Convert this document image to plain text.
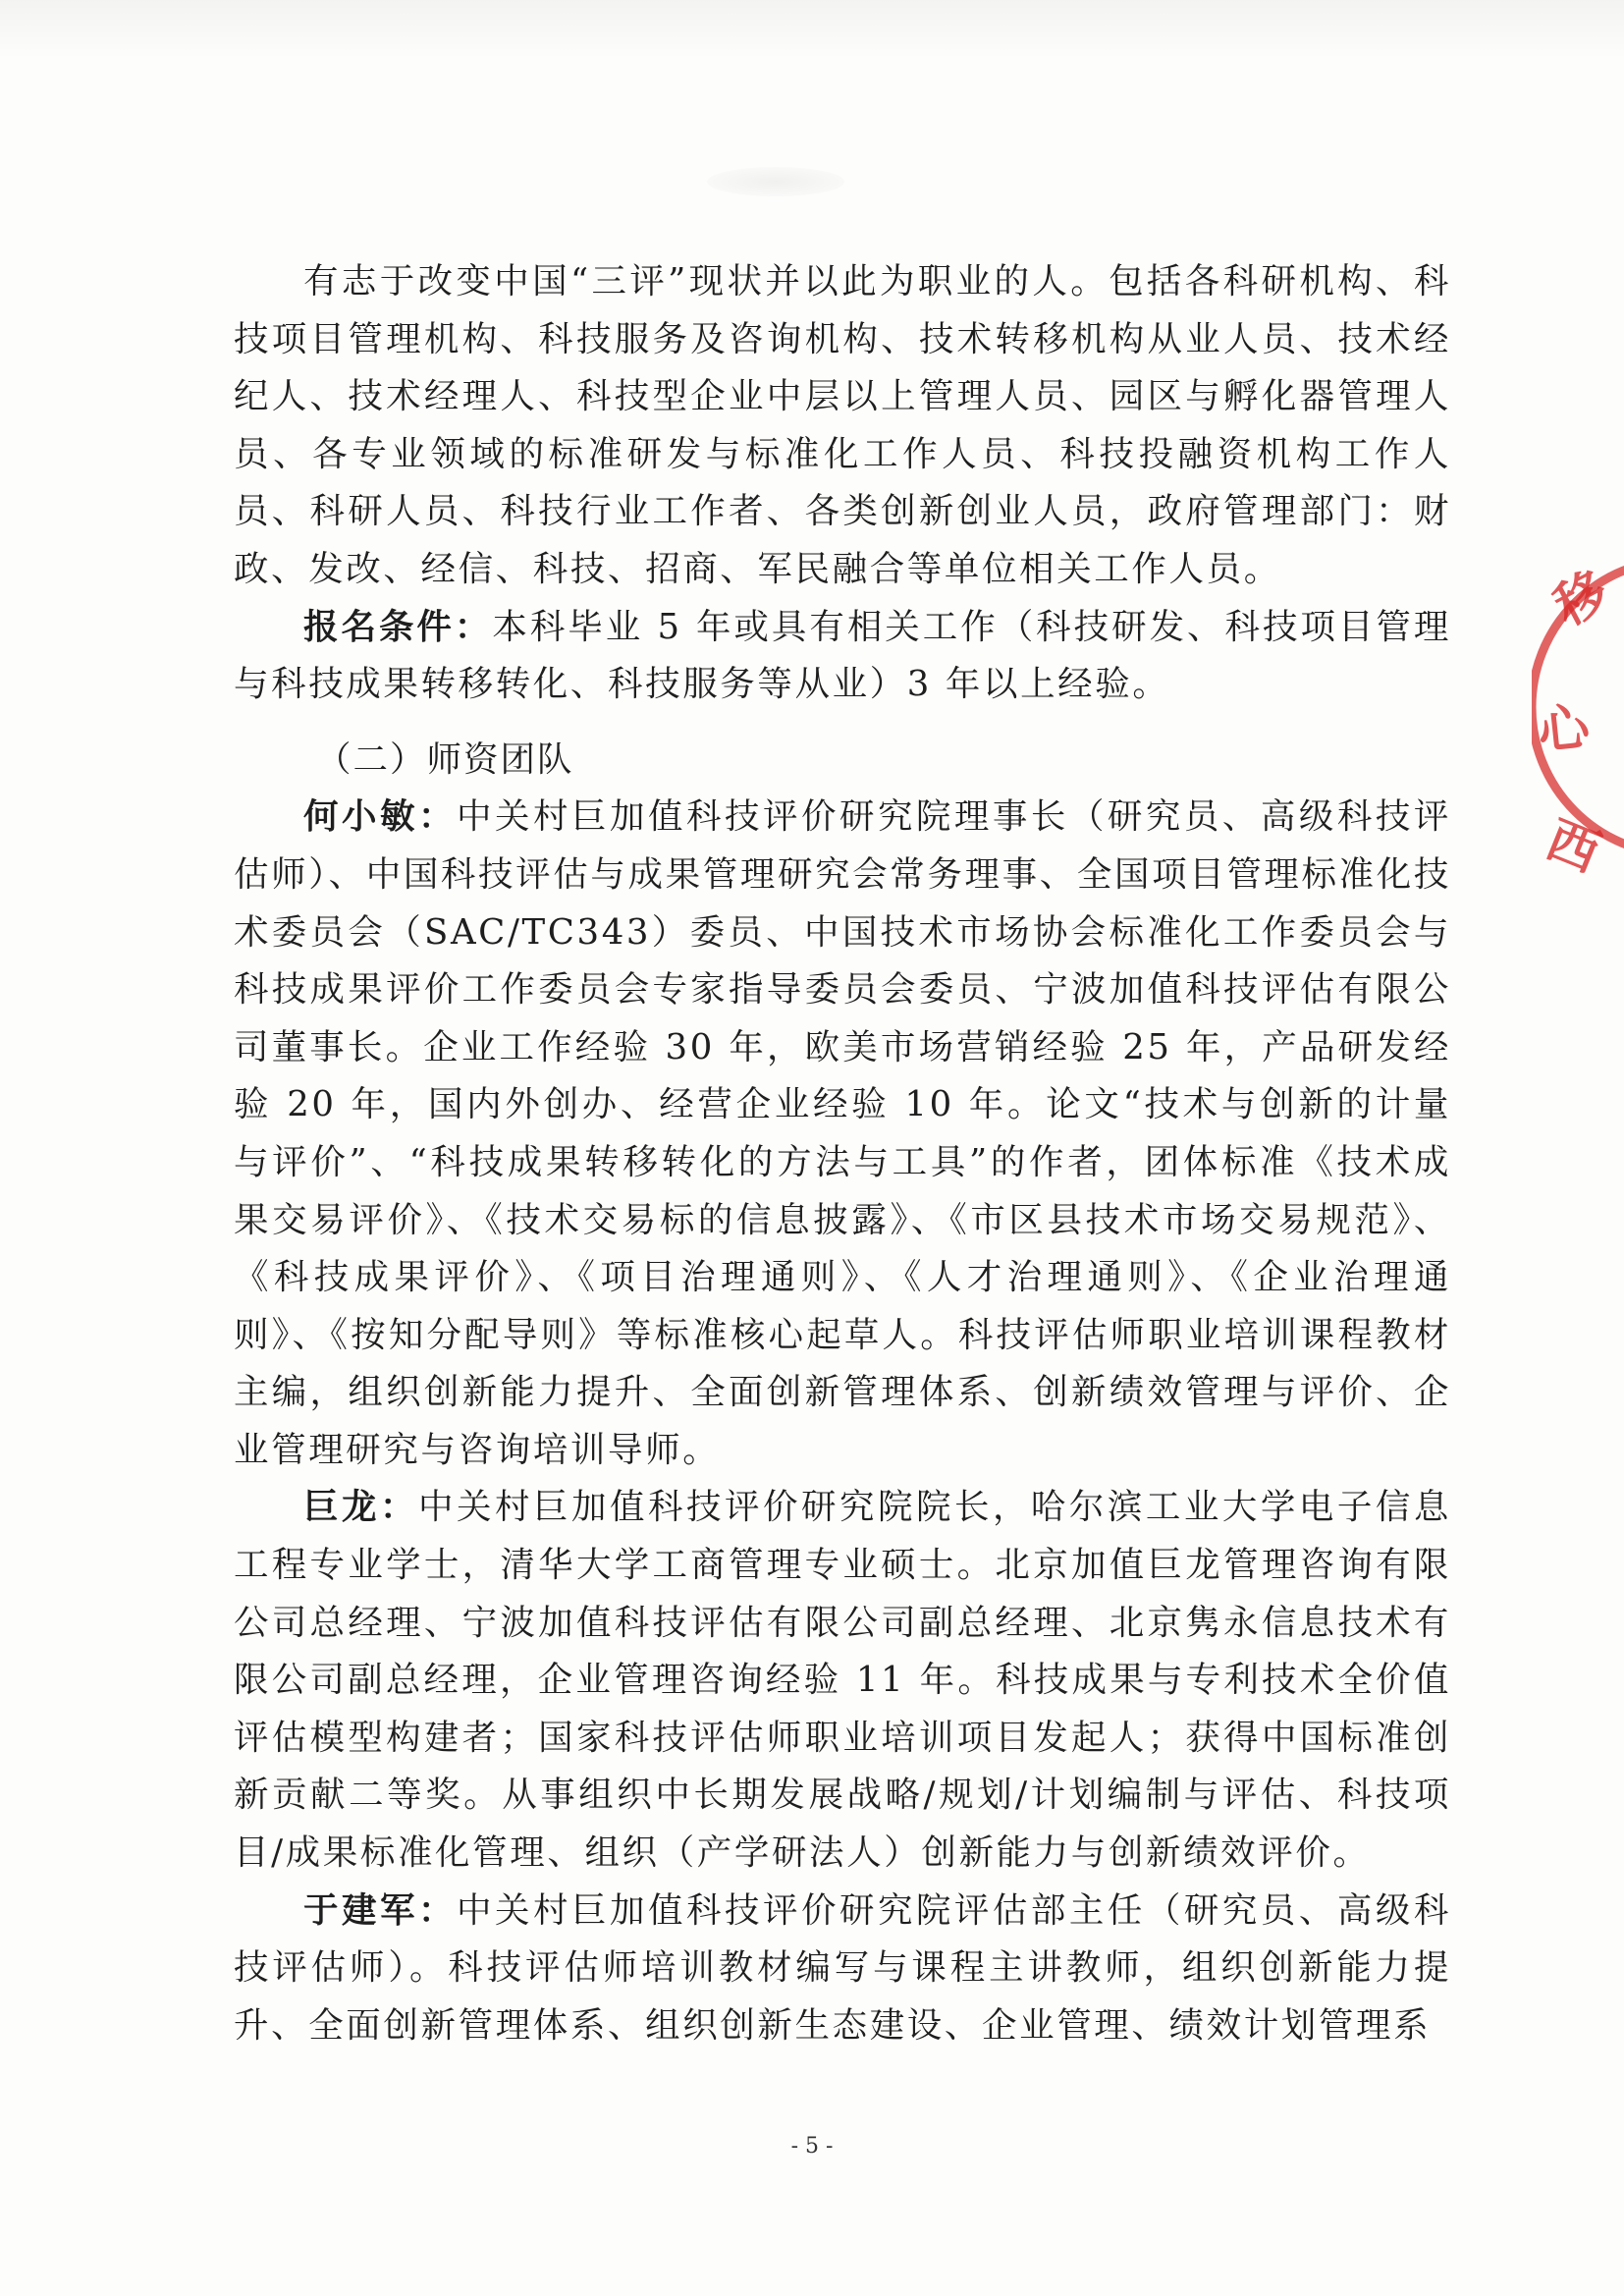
有志于改变中国“三评”现状并以此为职业的人。包括各科研机构、科技项目管理机构、科技服务及咨询机构、技术转移机构从业人员、技术经纪人、技术经理人、科技型企业中层以上管理人员、园区与孵化器管理人员、各专业领域的标准研发与标准化工作人员、科技投融资机构工作人员、科研人员、科技行业工作者、各类创新创业人员，政府管理部门：财政、发改、经信、科技、招商、军民融合等单位相关工作人员。

报名条件：本科毕业 5 年或具有相关工作（科技研发、科技项目管理与科技成果转移转化、科技服务等从业）3 年以上经验。

（二）师资团队

何小敏：中关村巨加值科技评价研究院理事长（研究员、高级科技评估师）、中国科技评估与成果管理研究会常务理事、全国项目管理标准化技术委员会（SAC/TC343）委员、中国技术市场协会标准化工作委员会与科技成果评价工作委员会专家指导委员会委员、宁波加值科技评估有限公司董事长。企业工作经验 30 年，欧美市场营销经验 25 年，产品研发经验 20 年，国内外创办、经营企业经验 10 年。论文“技术与创新的计量与评价”、“科技成果转移转化的方法与工具”的作者，团体标准《技术成果交易评价》、《技术交易标的信息披露》、《市区县技术市场交易规范》、《科技成果评价》、《项目治理通则》、《人才治理通则》、《企业治理通则》、《按知分配导则》等标准核心起草人。科技评估师职业培训课程教材主编，组织创新能力提升、全面创新管理体系、创新绩效管理与评价、企业管理研究与咨询培训导师。

巨龙：中关村巨加值科技评价研究院院长，哈尔滨工业大学电子信息工程专业学士，清华大学工商管理专业硕士。北京加值巨龙管理咨询有限公司总经理、宁波加值科技评估有限公司副总经理、北京隽永信息技术有限公司副总经理，企业管理咨询经验 11 年。科技成果与专利技术全价值评估模型构建者；国家科技评估师职业培训项目发起人；获得中国标准创新贡献二等奖。从事组织中长期发展战略/规划/计划编制与评估、科技项目/成果标准化管理、组织（产学研法人）创新能力与创新绩效评价。

于建军：中关村巨加值科技评价研究院评估部主任（研究员、高级科技评估师）。科技评估师培训教材编写与课程主讲教师，组织创新能力提升、全面创新管理体系、组织创新生态建设、企业管理、绩效计划管理系

- 5 -
移
心
西
